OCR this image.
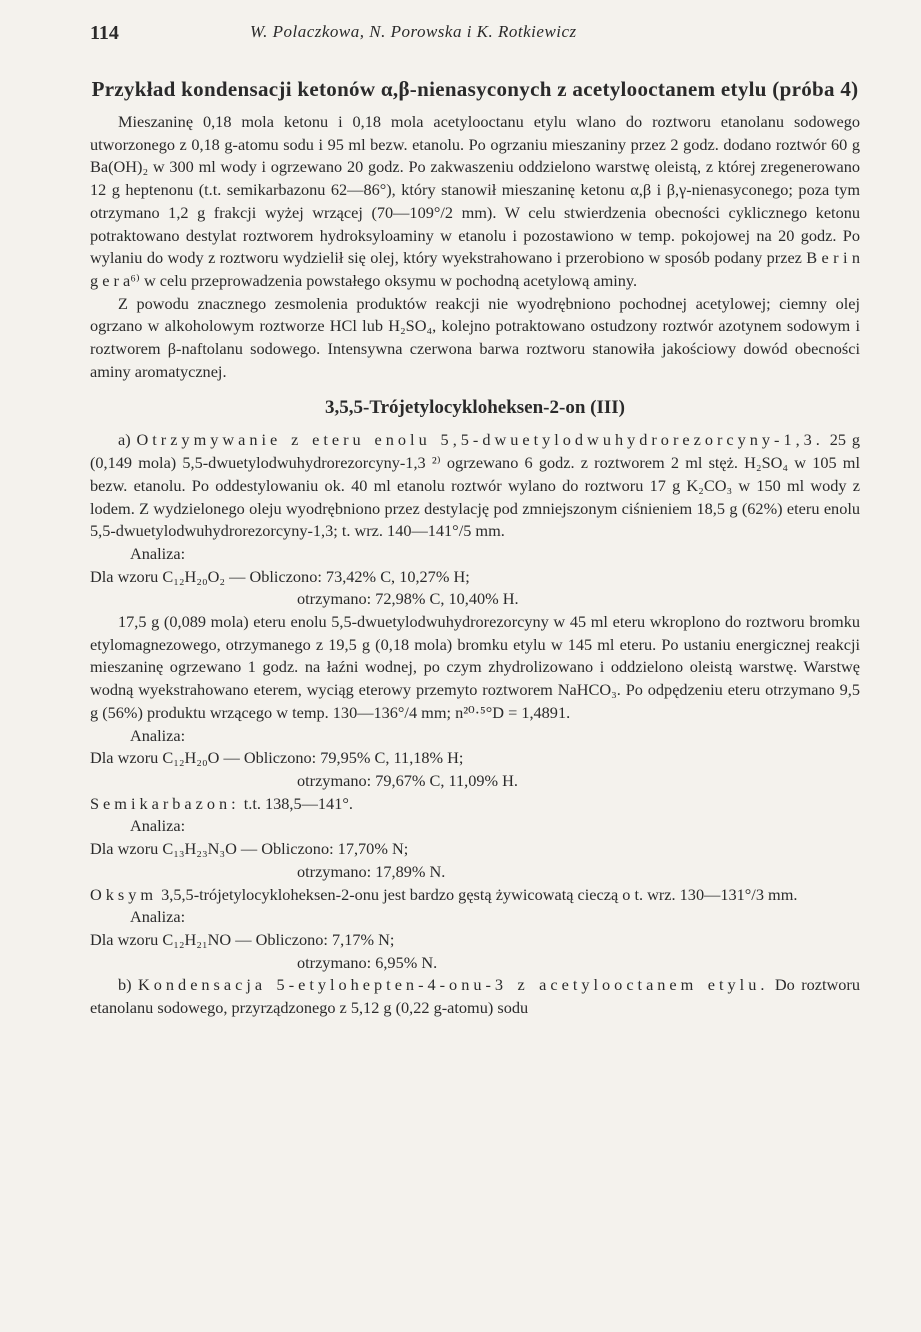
114	W. Polaczkowa, N. Porowska i K. Rotkiewicz
Przykład kondensacji ketonów α,β-nienasyconych z acetylooctanem etylu (próba 4)

Mieszaninę 0,18 mola ketonu i 0,18 mola acetylooctanu etylu wlano do roztworu etanolanu sodowego utworzonego z 0,18 g-atomu sodu i 95 ml bezw. etanolu. Po ogrzaniu mieszaniny przez 2 godz. dodano roztwór 60 g Ba(OH)₂ w 300 ml wody i ogrzewano 20 godz. Po zakwaszeniu oddzielono warstwę oleistą, z której zregenerowano 12 g heptenonu (t.t. semikarbazonu 62—86°), który stanowił mieszaninę ketonu α,β i β,γ-nienasyconego; poza tym otrzymano 1,2 g frakcji wyżej wrzącej (70—109°/2 mm). W celu stwierdzenia obecności cyklicznego ketonu potraktowano destylat roztworem hydroksyloaminy w etanolu i pozostawiono w temp. pokojowej na 20 godz. Po wylaniu do wody z roztworu wydzielił się olej, który wyekstrahowano i przerobiono w sposób podany przez B e r i n g e r a⁶⁾ w celu przeprowadzenia powstałego oksymu w pochodną acetylową aminy.

Z powodu znacznego zesmolenia produktów reakcji nie wyodrębniono pochodnej acetylowej; ciemny olej ogrzano w alkoholowym roztworze HCl lub H₂SO₄, kolejno potraktowano ostudzony roztwór azotynem sodowym i roztworem β-naftolanu sodowego. Intensywna czerwona barwa roztworu stanowiła jakościowy dowód obecności aminy aromatycznej.

3,5,5-Trójetylocykloheksen-2-on (III)

a) Otrzymywanie z eteru enolu 5,5-dwuetylodwuhydrorezorcyny-1,3. 25 g (0,149 mola) 5,5-dwuetylodwuhydrorezorcyny-1,3 ²⁾ ogrzewano 6 godz. z roztworem 2 ml stęż. H₂SO₄ w 105 ml bezw. etanolu. Po oddestylowaniu ok. 40 ml etanolu roztwór wylano do roztworu 17 g K₂CO₃ w 150 ml wody z lodem. Z wydzielonego oleju wyodrębniono przez destylację pod zmniejszonym ciśnieniem 18,5 g (62%) eteru enolu 5,5-dwuetylodwuhydrorezorcyny-1,3; t. wrz. 140—141°/5 mm.

Analiza:
Dla wzoru C₁₂H₂₀O₂ — Obliczono: 73,42% C, 10,27% H;
otrzymano: 72,98% C, 10,40% H.

17,5 g (0,089 mola) eteru enolu 5,5-dwuetylodwuhydrorezorcyny w 45 ml eteru wkroplono do roztworu bromku etylomagnezowego, otrzymanego z 19,5 g (0,18 mola) bromku etylu w 145 ml eteru. Po ustaniu energicznej reakcji mieszaninę ogrzewano 1 godz. na łaźni wodnej, po czym zhydrolizowano i oddzielono oleistą warstwę. Warstwę wodną wyekstrahowano eterem, wyciąg eterowy przemyto roztworem NaHCO₃. Po odpędzeniu eteru otrzymano 9,5 g (56%) produktu wrzącego w temp. 130—136°/4 mm; n²⁰·⁵°D = 1,4891.

Analiza:
Dla wzoru C₁₂H₂₀O — Obliczono: 79,95% C, 11,18% H;
otrzymano: 79,67% C, 11,09% H.

Semikarbazon: t.t. 138,5—141°.

Analiza:
Dla wzoru C₁₃H₂₃N₃O — Obliczono: 17,70% N;
otrzymano: 17,89% N.

Oksym 3,5,5-trójetylocykloheksen-2-onu jest bardzo gęstą żywicowatą cieczą o t. wrz. 130—131°/3 mm.

Analiza:
Dla wzoru C₁₂H₂₁NO — Obliczono: 7,17% N;
otrzymano: 6,95% N.

b) Kondensacja 5-etylohepten-4-onu-3 z acetylooctanem etylu. Do roztworu etanolanu sodowego, przyrządzonego z 5,12 g (0,22 g-atomu) sodu
